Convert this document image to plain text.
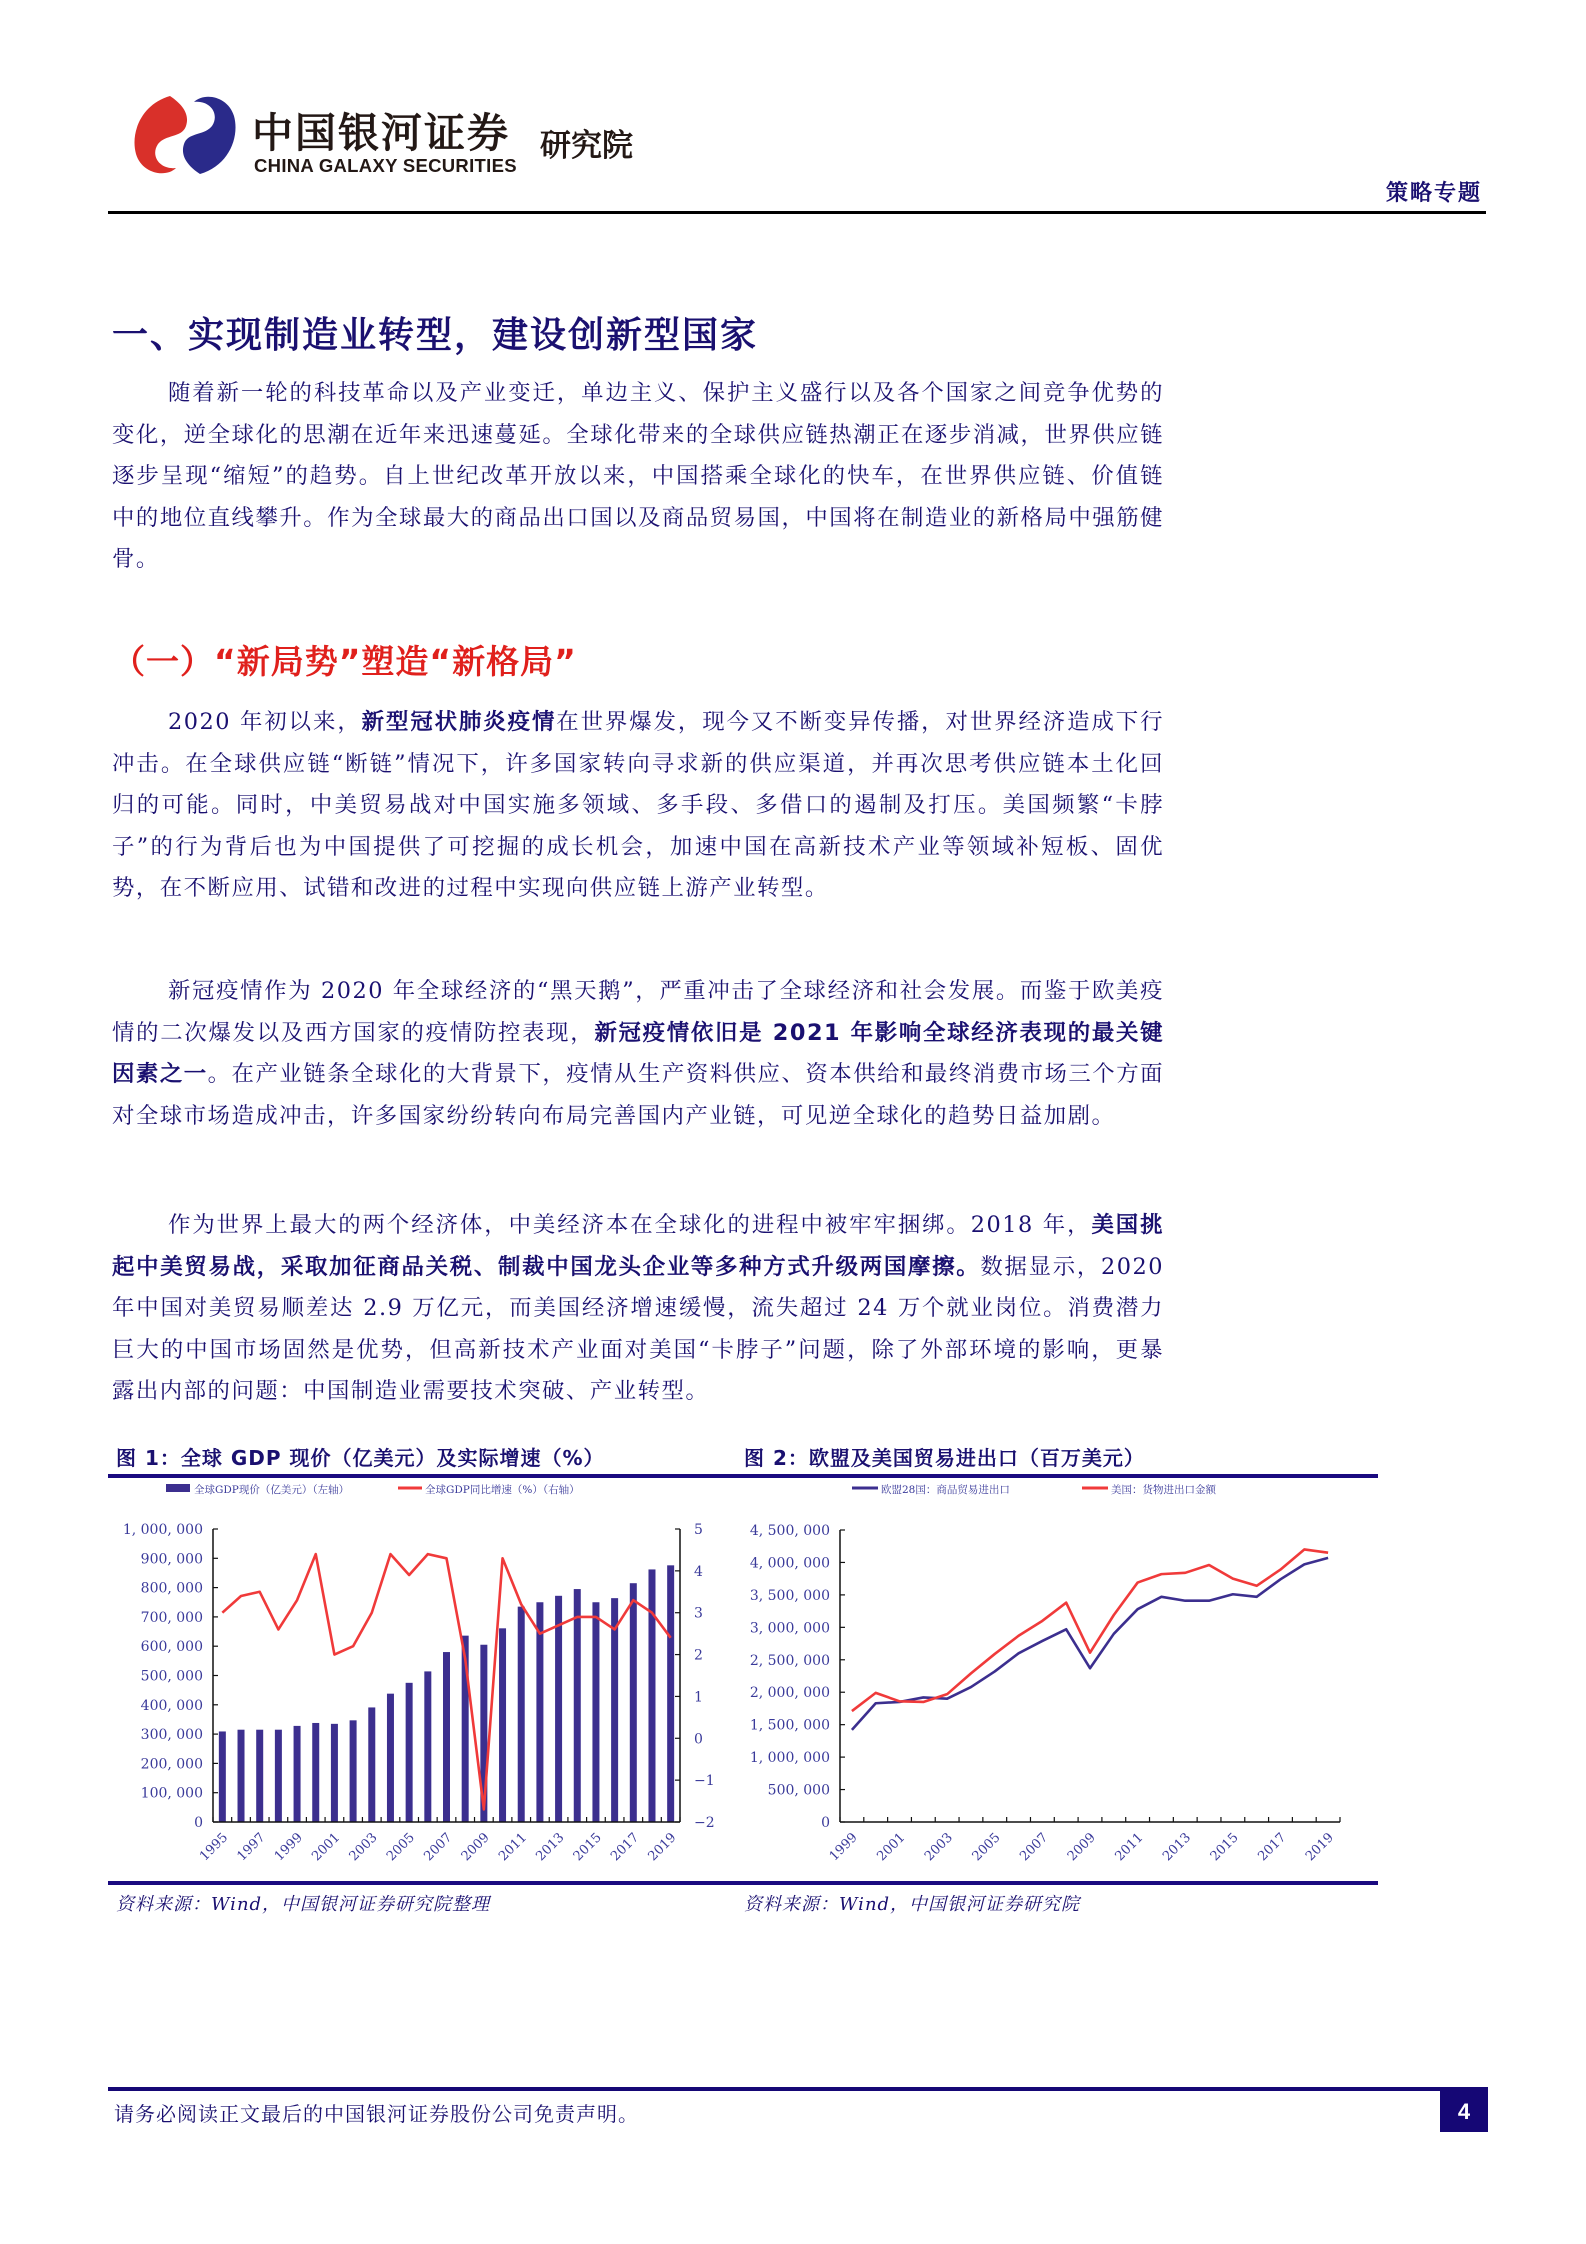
中国银河证券
CHINA GALAXY SECURITIES
研究院
策略专题
一、实现制造业转型，建设创新型国家
随着新一轮的科技革命以及产业变迁，单边主义、保护主义盛行以及各个国家之间竞争优势的变化，逆全球化的思潮在近年来迅速蔓延。全球化带来的全球供应链热潮正在逐步消减，世界供应链逐步呈现“缩短”的趋势。自上世纪改革开放以来，中国搭乘全球化的快车，在世界供应链、价值链中的地位直线攀升。作为全球最大的商品出口国以及商品贸易国，中国将在制造业的新格局中强筋健骨。
（一）“新局势”塑造“新格局”
2020 年初以来，新型冠状肺炎疫情在世界爆发，现今又不断变异传播，对世界经济造成下行冲击。在全球供应链“断链”情况下，许多国家转向寻求新的供应渠道，并再次思考供应链本土化回归的可能。同时，中美贸易战对中国实施多领域、多手段、多借口的遏制及打压。美国频繁“卡脖子”的行为背后也为中国提供了可挖掘的成长机会，加速中国在高新技术产业等领域补短板、固优势，在不断应用、试错和改进的过程中实现向供应链上游产业转型。
新冠疫情作为 2020 年全球经济的“黑天鹅”，严重冲击了全球经济和社会发展。而鉴于欧美疫情的二次爆发以及西方国家的疫情防控表现，新冠疫情依旧是 2021 年影响全球经济表现的最关键因素之一。在产业链条全球化的大背景下，疫情从生产资料供应、资本供给和最终消费市场三个方面对全球市场造成冲击，许多国家纷纷转向布局完善国内产业链，可见逆全球化的趋势日益加剧。
作为世界上最大的两个经济体，中美经济本在全球化的进程中被牢牢捆绑。2018 年，美国挑起中美贸易战，采取加征商品关税、制裁中国龙头企业等多种方式升级两国摩擦。数据显示，2020 年中国对美贸易顺差达 2.9 万亿元，而美国经济增速缓慢，流失超过 24 万个就业岗位。消费潜力巨大的中国市场固然是优势，但高新技术产业面对美国“卡脖子”问题，除了外部环境的影响，更暴露出内部的问题：中国制造业需要技术突破、产业转型。
图 1：全球 GDP 现价（亿美元）及实际增速（%）	图 2：欧盟及美国贸易进出口（百万美元）
全球GDP现价（亿美元）（左轴）	全球GDP同比增速（%）（右轴）
0
100, 000
200, 000
300, 000
400, 000
500, 000
600, 000
700, 000
800, 000
900, 000
1, 000, 000
−2
−1
0
1
2
3
4
5
1995 1997 1999 2001 2003 2005 2007 2009 2011 2013 2015 2017 2019
欧盟28国：商品贸易进出口	美国：货物进出口金额
0
500, 000
1, 000, 000
1, 500, 000
2, 000, 000
2, 500, 000
3, 000, 000
3, 500, 000
4, 000, 000
4, 500, 000
1999 2001 2003 2005 2007 2009 2011 2013 2015 2017 2019
资料来源：Wind，中国银河证券研究院整理	资料来源：Wind，中国银河证券研究院
请务必阅读正文最后的中国银河证券股份公司免责声明。	4
